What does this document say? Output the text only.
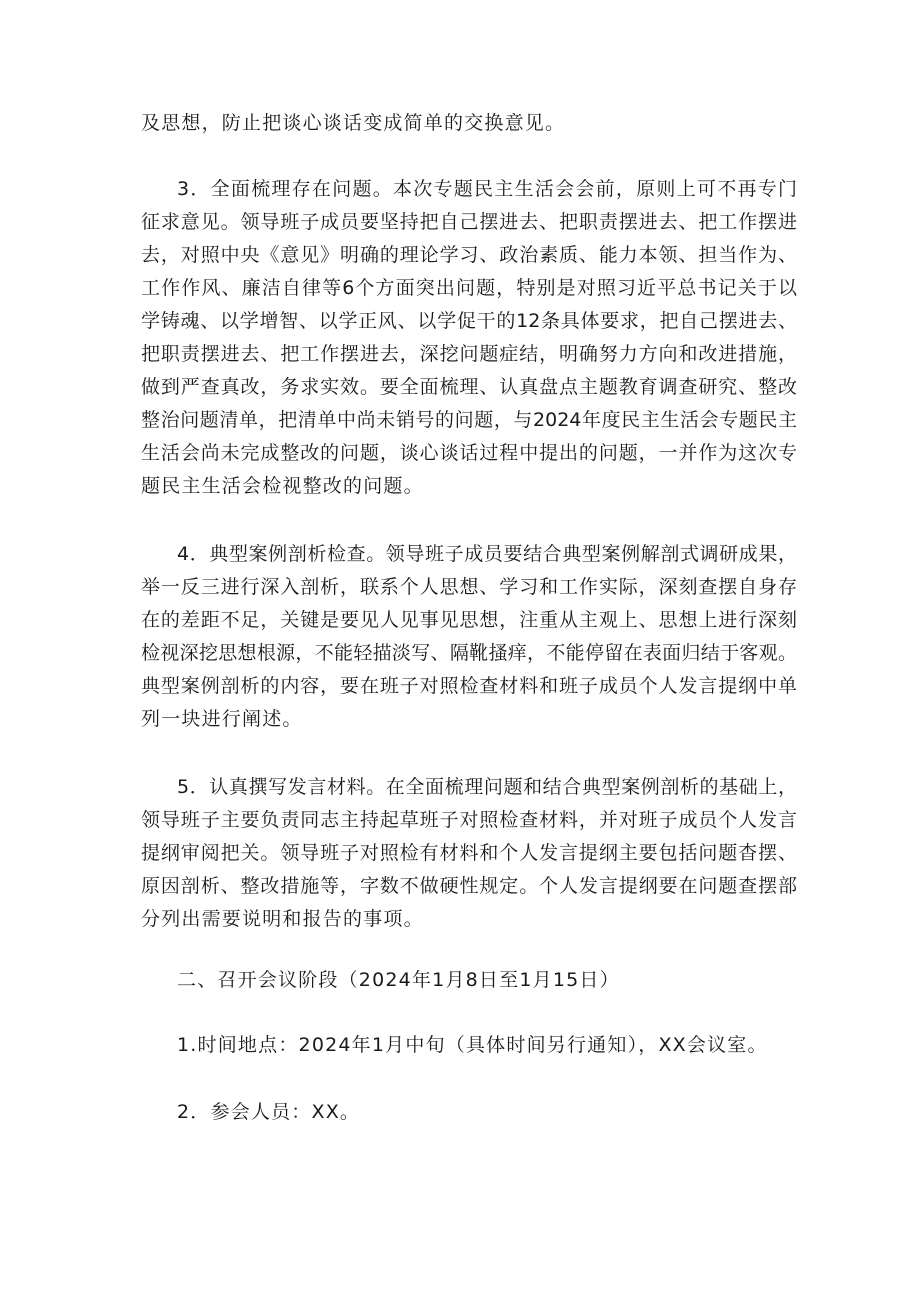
及思想，防止把谈心谈话变成简单的交换意见。
3．全面梳理存在问题。本次专题民主生活会会前，原则上可不再专门
征求意见。领导班子成员要坚持把自己摆进去、把职责摆进去、把工作摆进
去，对照中央《意见》明确的理论学习、政治素质、能力本领、担当作为、
工作作风、廉洁自律等6个方面突出问题，特别是对照习近平总书记关于以
学铸魂、以学增智、以学正风、以学促干的12条具体要求，把自己摆进去、
把职责摆进去、把工作摆进去，深挖问题症结，明确努力方向和改进措施，
做到严查真改，务求实效。要全面梳理、认真盘点主题教育调查研究、整改
整治问题清单，把清单中尚未销号的问题，与2024年度民主生活会专题民主
生活会尚未完成整改的问题，谈心谈话过程中提出的问题，一并作为这次专
题民主生活会检视整改的问题。
4．典型案例剖析检查。领导班子成员要结合典型案例解剖式调研成果，
举一反三进行深入剖析，联系个人思想、学习和工作实际，深刻查摆自身存
在的差距不足，关键是要见人见事见思想，注重从主观上、思想上进行深刻
检视深挖思想根源，不能轻描淡写、隔靴搔痒，不能停留在表面归结于客观。
典型案例剖析的内容，要在班子对照检查材料和班子成员个人发言提纲中单
列一块进行阐述。
5．认真撰写发言材料。在全面梳理问题和结合典型案例剖析的基础上，
领导班子主要负责同志主持起草班子对照检查材料，并对班子成员个人发言
提纲审阅把关。领导班子对照检有材料和个人发言提纲主要包括问题杳摆、
原因剖析、整改措施等，字数不做硬性规定。个人发言提纲要在问题查摆部
分列出需要说明和报告的事项。
二、召开会议阶段（2024年1月8日至1月15日）
1.时间地点：2024年1月中旬（具体时间另行通知），XX会议室。
2．参会人员：XX。
